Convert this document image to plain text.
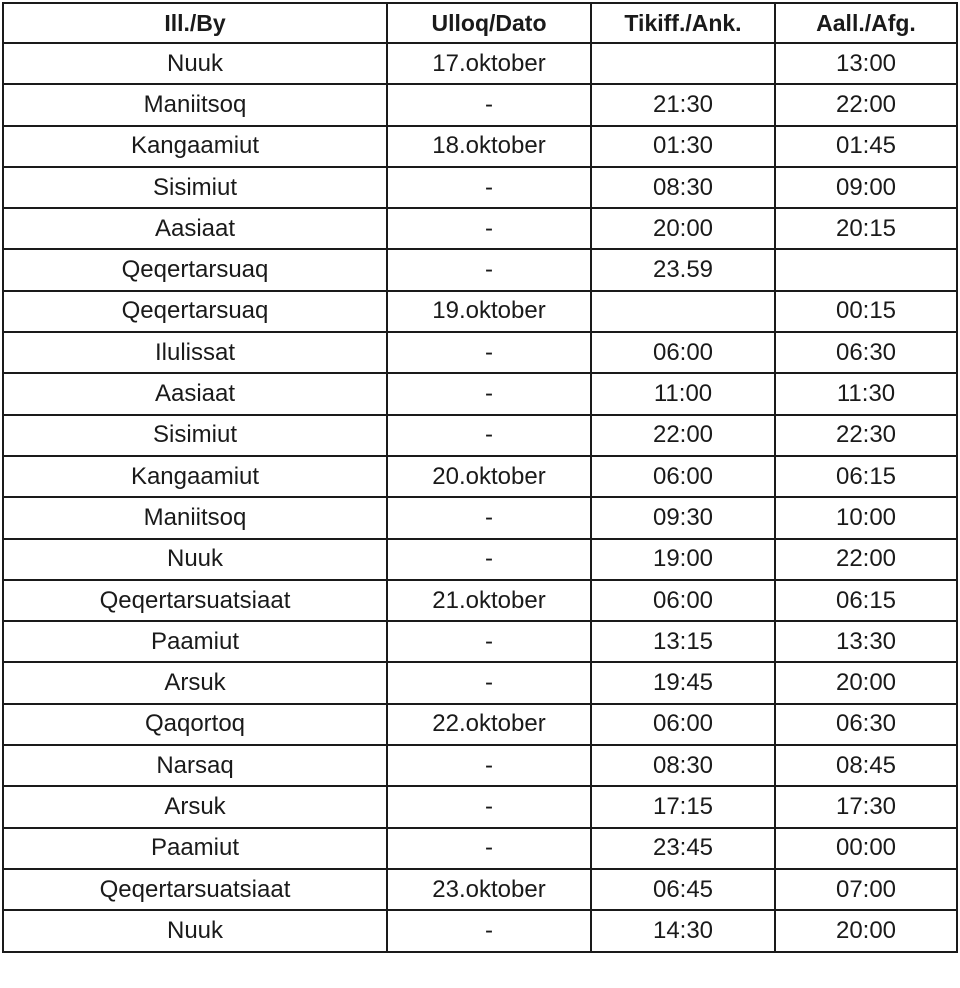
Ill./By	Ulloq/Dato	Tikiff./Ank.	Aall./Afg.
Nuuk	17.oktober		13:00
Maniitsoq	-	21:30	22:00
Kangaamiut	18.oktober	01:30	01:45
Sisimiut	-	08:30	09:00
Aasiaat	-	20:00	20:15
Qeqertarsuaq	-	23.59	
Qeqertarsuaq	19.oktober		00:15
Ilulissat	-	06:00	06:30
Aasiaat	-	11:00	11:30
Sisimiut	-	22:00	22:30
Kangaamiut	20.oktober	06:00	06:15
Maniitsoq	-	09:30	10:00
Nuuk	-	19:00	22:00
Qeqertarsuatsiaat	21.oktober	06:00	06:15
Paamiut	-	13:15	13:30
Arsuk	-	19:45	20:00
Qaqortoq	22.oktober	06:00	06:30
Narsaq	-	08:30	08:45
Arsuk	-	17:15	17:30
Paamiut	-	23:45	00:00
Qeqertarsuatsiaat	23.oktober	06:45	07:00
Nuuk	-	14:30	20:00
